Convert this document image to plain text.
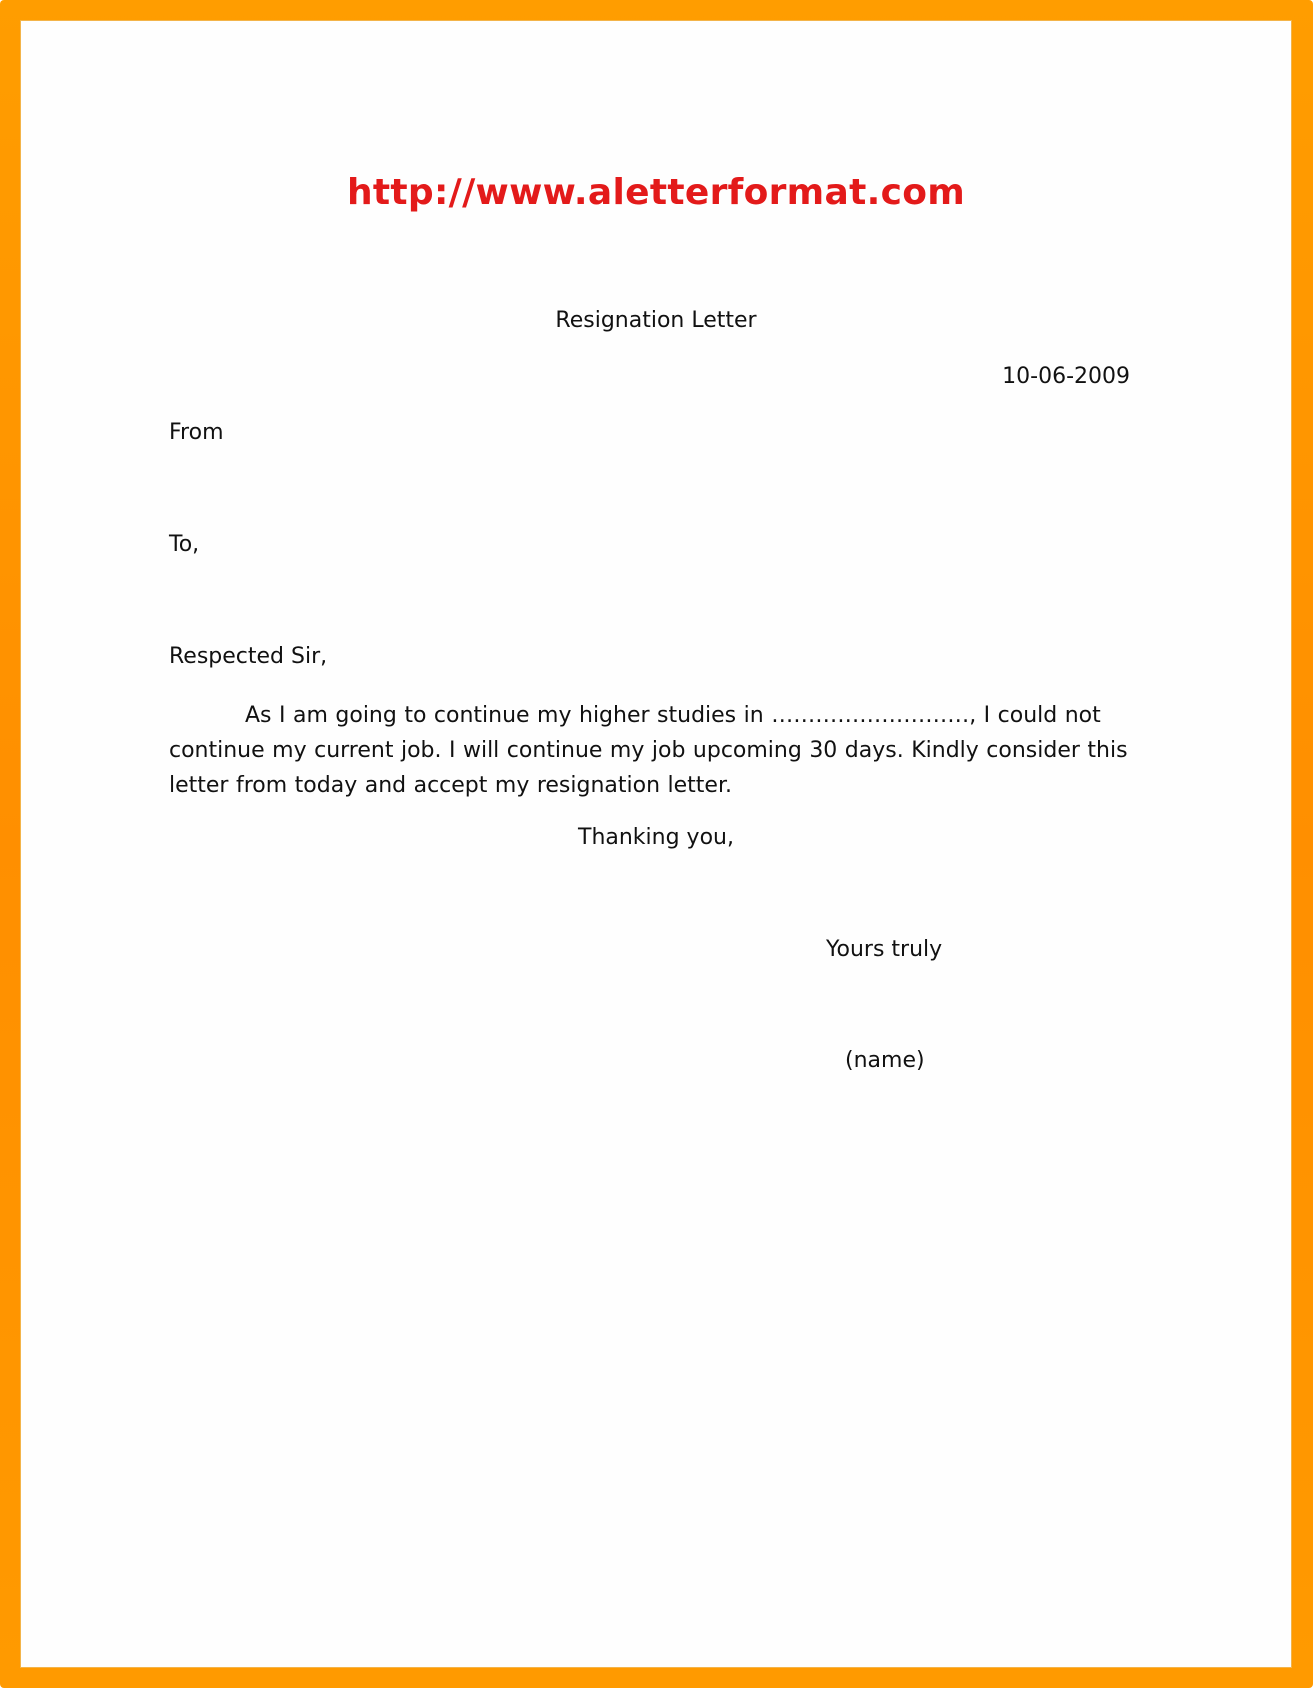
http://www.aletterformat.com
Resignation Letter
10-06-2009
From
To,
Respected Sir,
As I am going to continue my higher studies in ………………………, I could not continue my current job. I will continue my job upcoming 30 days. Kindly consider this letter from today and accept my resignation letter.
Thanking you,
Yours truly
(name)
